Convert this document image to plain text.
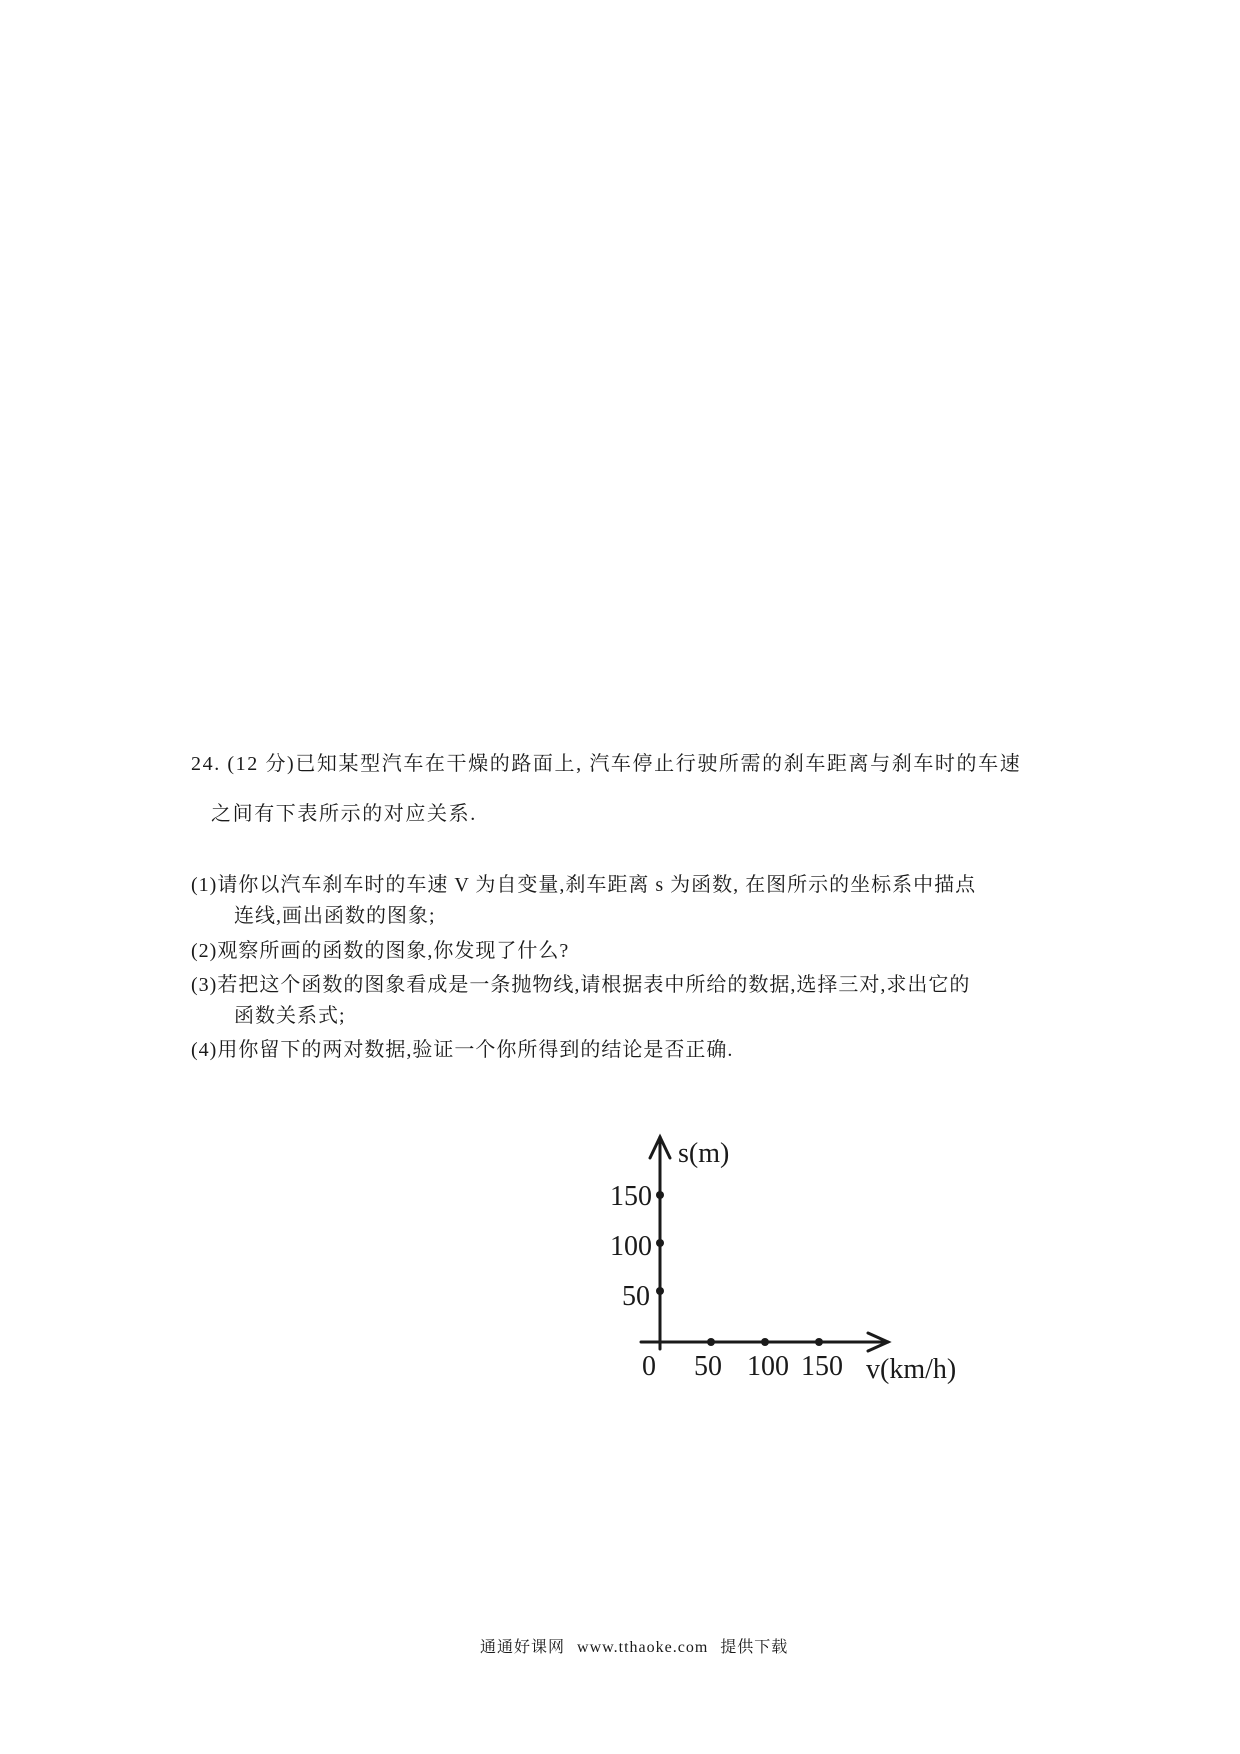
24. (12 分)已知某型汽车在干燥的路面上, 汽车停止行驶所需的刹车距离与刹车时的车速
之间有下表所示的对应关系.
(1)请你以汽车刹车时的车速 V 为自变量,刹车距离 s 为函数, 在图所示的坐标系中描点
连线,画出函数的图象;
(2)观察所画的函数的图象,你发现了什么?
(3)若把这个函数的图象看成是一条抛物线,请根据表中所给的数据,选择三对,求出它的
函数关系式;
(4)用你留下的两对数据,验证一个你所得到的结论是否正确.
s(m)
v(km/h)
150
100
50
0 50 100 150
通通好课网 www.tthaoke.com 提供下载
